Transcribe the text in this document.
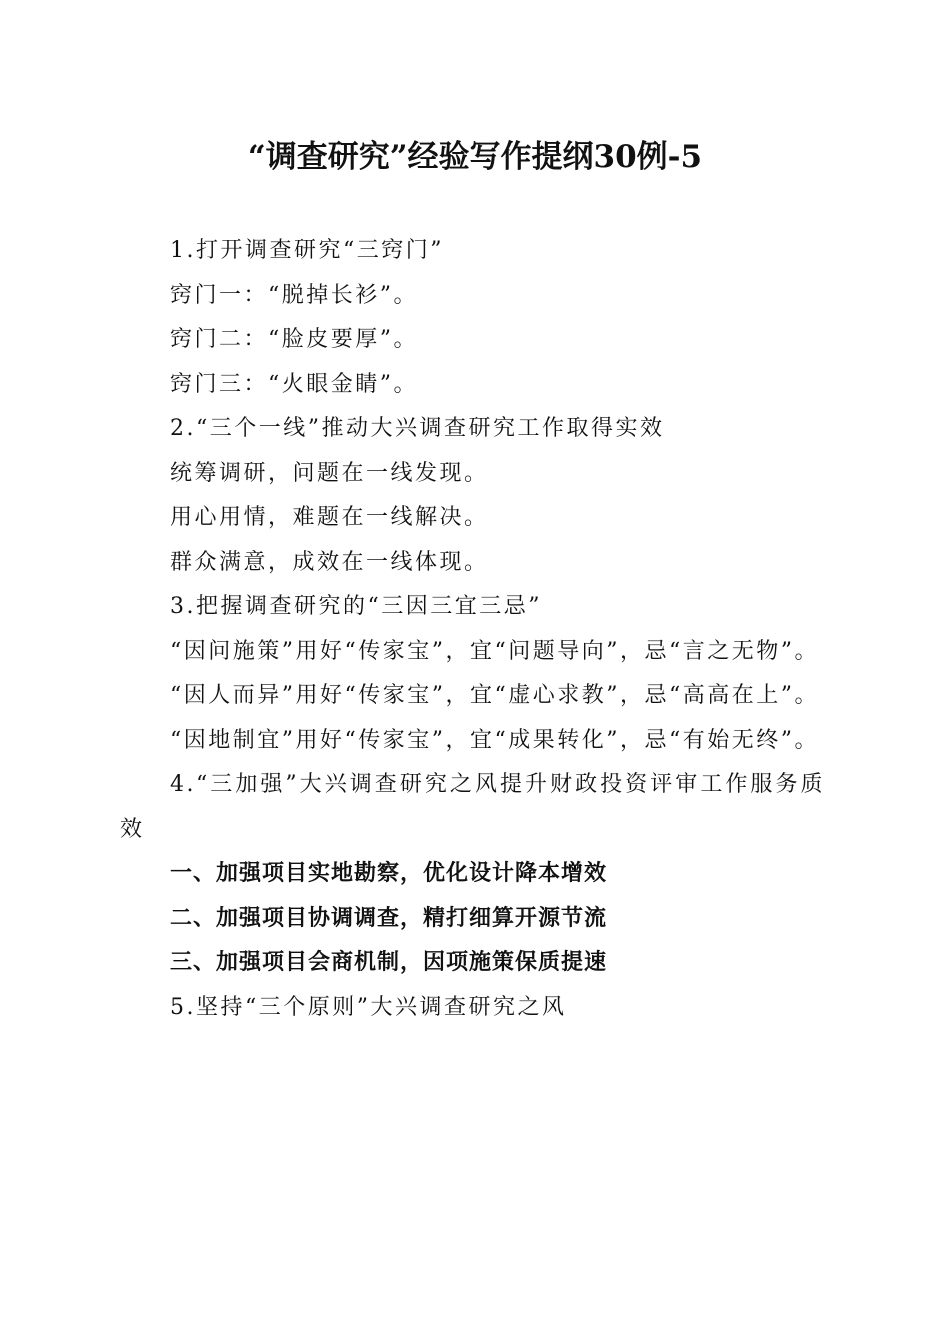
“调查研究”经验写作提纲30例-5

1.打开调查研究“三窍门”

窍门一：“脱掉长衫”。

窍门二：“脸皮要厚”。

窍门三：“火眼金睛”。

2.“三个一线”推动大兴调查研究工作取得实效

统筹调研，问题在一线发现。

用心用情，难题在一线解决。

群众满意，成效在一线体现。

3.把握调查研究的“三因三宜三忌”

“因问施策”用好“传家宝”，宜“问题导向”，忌“言之无物”。

“因人而异”用好“传家宝”，宜“虚心求教”，忌“高高在上”。

“因地制宜”用好“传家宝”，宜“成果转化”，忌“有始无终”。

4.“三加强”大兴调查研究之风提升财政投资评审工作服务质效

一、加强项目实地勘察，优化设计降本增效

二、加强项目协调调查，精打细算开源节流

三、加强项目会商机制，因项施策保质提速

5.坚持“三个原则”大兴调查研究之风
